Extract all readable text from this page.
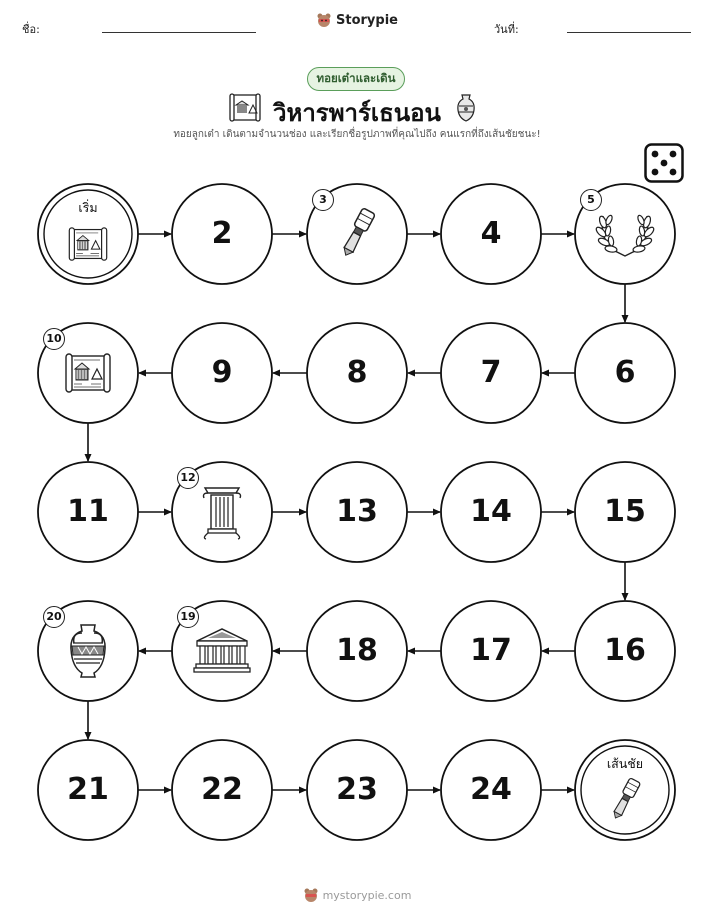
ชื่อ:
Storypie
วันที่:
ทอยเต๋าและเดิน
วิหารพาร์เธนอน
ทอยลูกเต๋า เดินตามจำนวนช่อง และเรียกชื่อรูปภาพที่คุณไปถึง คนแรกที่ถึงเส้นชัยชนะ!
เริ่ม
2
3
4
5
6
7
8
9
10
11
12
13	14	15
16
17
18
19
20
21	22	23	24
เส้นชัย
mystorypie.com
